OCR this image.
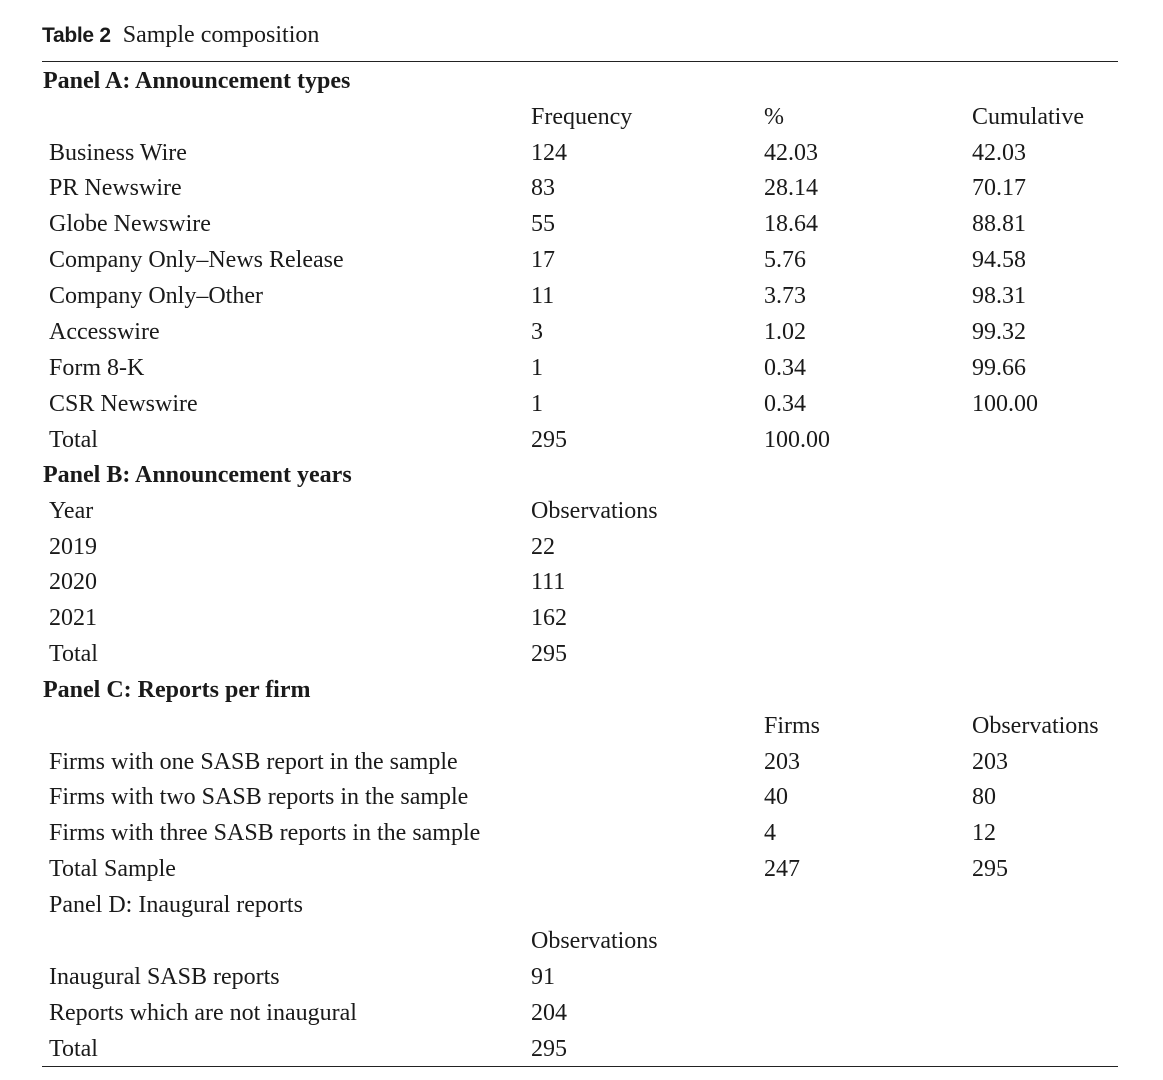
Table 2 Sample composition
Panel A: Announcement types
Frequency	%	Cumulative
Business Wire	124	42.03	42.03
PR Newswire	83	28.14	70.17
Globe Newswire	55	18.64	88.81
Company Only–News Release	17	5.76	94.58
Company Only–Other	11	3.73	98.31
Accesswire	3	1.02	99.32
Form 8-K	1	0.34	99.66
CSR Newswire	1	0.34	100.00
Total	295	100.00
Panel B: Announcement years
Year	Observations
2019	22
2020	111
2021	162
Total	295
Panel C: Reports per firm
Firms	Observations
Firms with one SASB report in the sample	203	203
Firms with two SASB reports in the sample	40	80
Firms with three SASB reports in the sample	4	12
Total Sample	247	295
Panel D: Inaugural reports
Observations
Inaugural SASB reports	91
Reports which are not inaugural	204
Total	295
